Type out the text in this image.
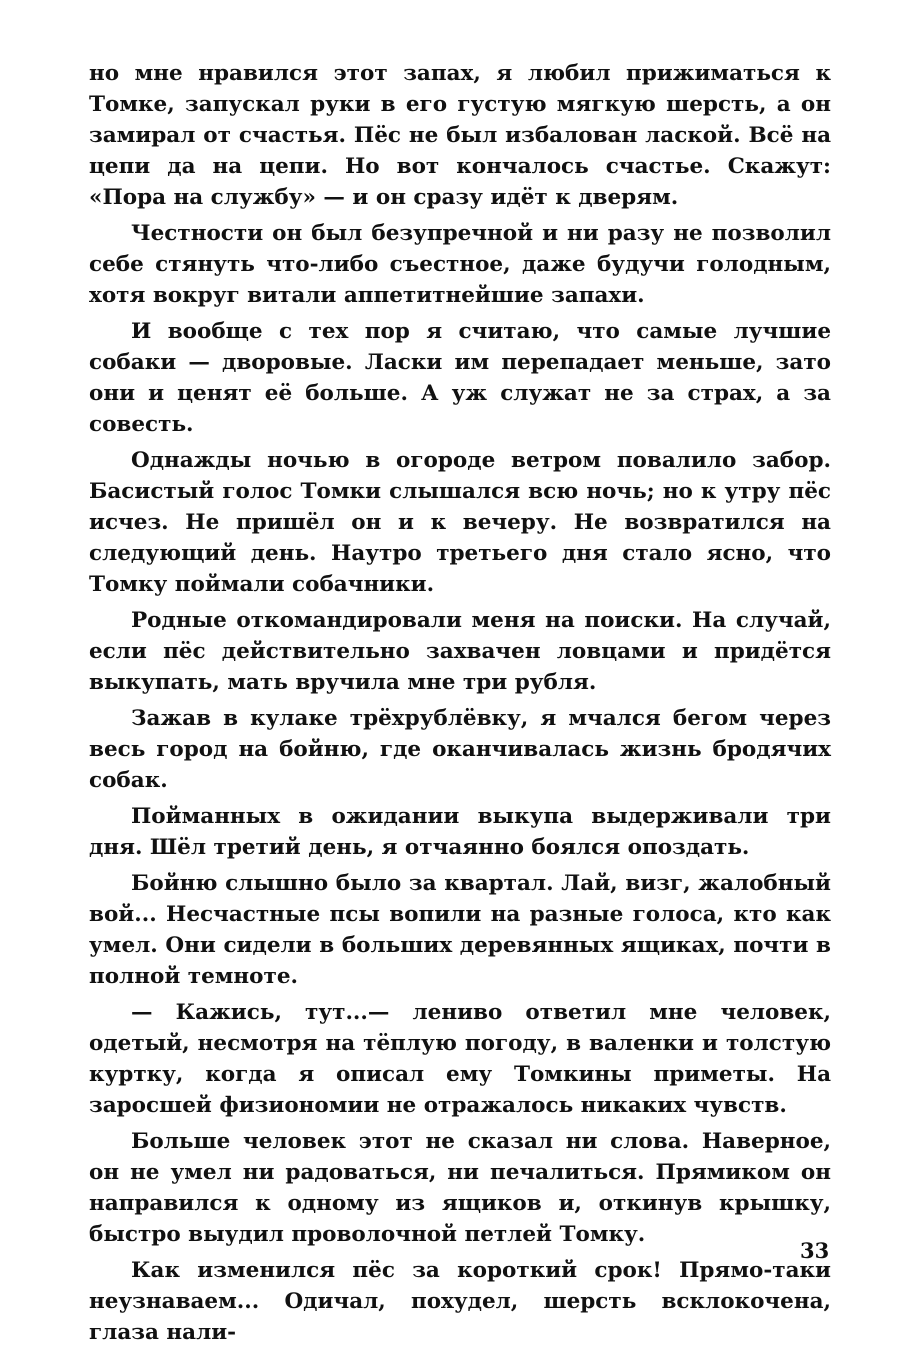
но мне нравился этот запах, я любил прижиматься к Томке, запускал руки в его густую мягкую шерсть, а он замирал от счастья. Пёс не был избалован лаской. Всё на цепи да на цепи. Но вот кончалось счастье. Скажут: «Пора на службу» — и он сразу идёт к дверям.

Честности он был безупречной и ни разу не позволил себе стянуть что-либо съестное, даже будучи голодным, хотя вокруг витали аппетитнейшие запахи.

И вообще с тех пор я считаю, что самые лучшие собаки — дворовые. Ласки им перепадает меньше, зато они и ценят её больше. А уж служат не за страх, а за совесть.

Однажды ночью в огороде ветром повалило забор. Басистый голос Томки слышался всю ночь; но к утру пёс исчез. Не пришёл он и к вечеру. Не возвратился на следующий день. Наутро третьего дня стало ясно, что Томку поймали собачники.

Родные откомандировали меня на поиски. На случай, если пёс действительно захвачен ловцами и придётся выкупать, мать вручила мне три рубля.

Зажав в кулаке трёхрублёвку, я мчался бегом через весь город на бойню, где оканчивалась жизнь бродячих собак.

Пойманных в ожидании выкупа выдерживали три дня. Шёл третий день, я отчаянно боялся опоздать.

Бойню слышно было за квартал. Лай, визг, жалобный вой... Несчастные псы вопили на разные голоса, кто как умел. Они сидели в больших деревянных ящиках, почти в полной темноте.

— Кажись, тут...— лениво ответил мне человек, одетый, несмотря на тёплую погоду, в валенки и толстую куртку, когда я описал ему Томкины приметы. На заросшей физиономии не отражалось никаких чувств.

Больше человек этот не сказал ни слова. Наверное, он не умел ни радоваться, ни печалиться. Прямиком он направился к одному из ящиков и, откинув крышку, быстро выудил проволочной петлей Томку.

Как изменился пёс за короткий срок! Прямо-таки неузнаваем... Одичал, похудел, шерсть всклокочена, глаза нали-

33
